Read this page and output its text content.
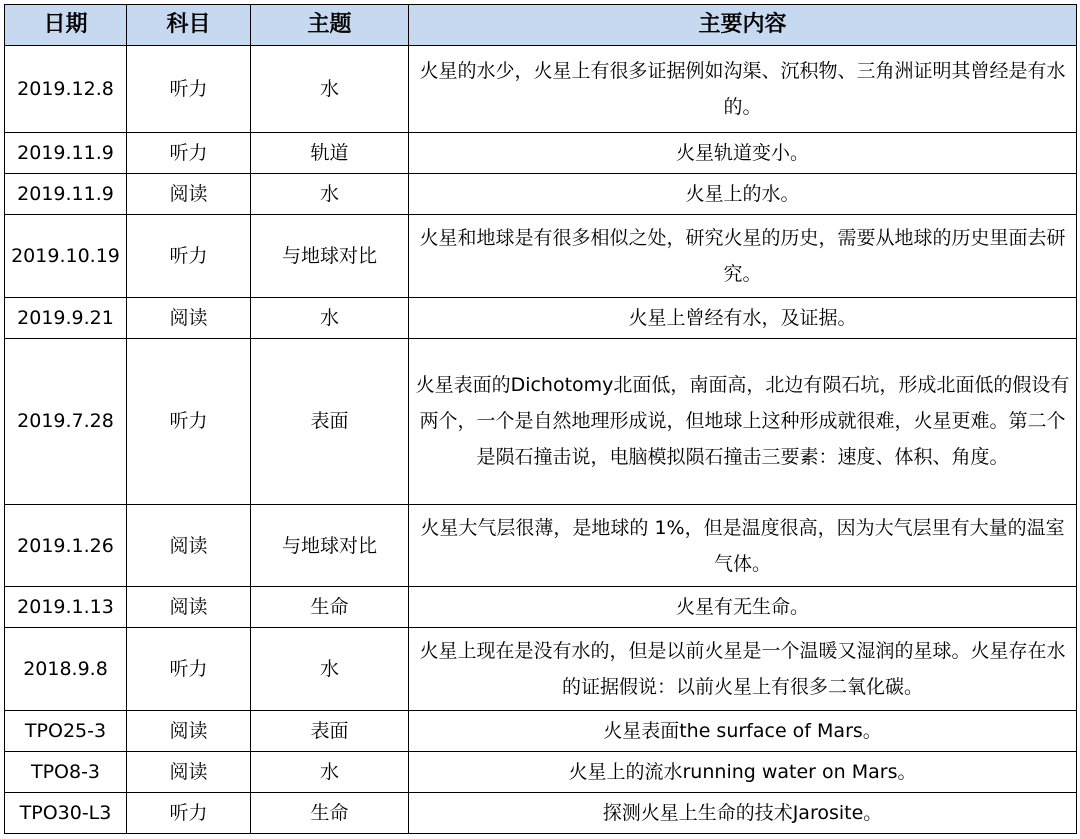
日期	科目	主题	主要内容
2019.12.8	听力	水	火星的水少，火星上有很多证据例如沟渠、沉积物、三角洲证明其曾经是有水的。
2019.11.9	听力	轨道	火星轨道变小。
2019.11.9	阅读	水	火星上的水。
2019.10.19	听力	与地球对比	火星和地球是有很多相似之处，研究火星的历史，需要从地球的历史里面去研究。
2019.9.21	阅读	水	火星上曾经有水，及证据。
2019.7.28	听力	表面	火星表面的Dichotomy北面低，南面高，北边有陨石坑，形成北面低的假设有两个，一个是自然地理形成说，但地球上这种形成就很难，火星更难。第二个是陨石撞击说，电脑模拟陨石撞击三要素：速度、体积、角度。
2019.1.26	阅读	与地球对比	火星大气层很薄，是地球的 1%，但是温度很高，因为大气层里有大量的温室气体。
2019.1.13	阅读	生命	火星有无生命。
2018.9.8	听力	水	火星上现在是没有水的，但是以前火星是一个温暖又湿润的星球。火星存在水的证据假说：以前火星上有很多二氧化碳。
TPO25-3	阅读	表面	火星表面the surface of Mars。
TPO8-3	阅读	水	火星上的流水running water on Mars。
TPO30-L3	听力	生命	探测火星上生命的技术Jarosite。
